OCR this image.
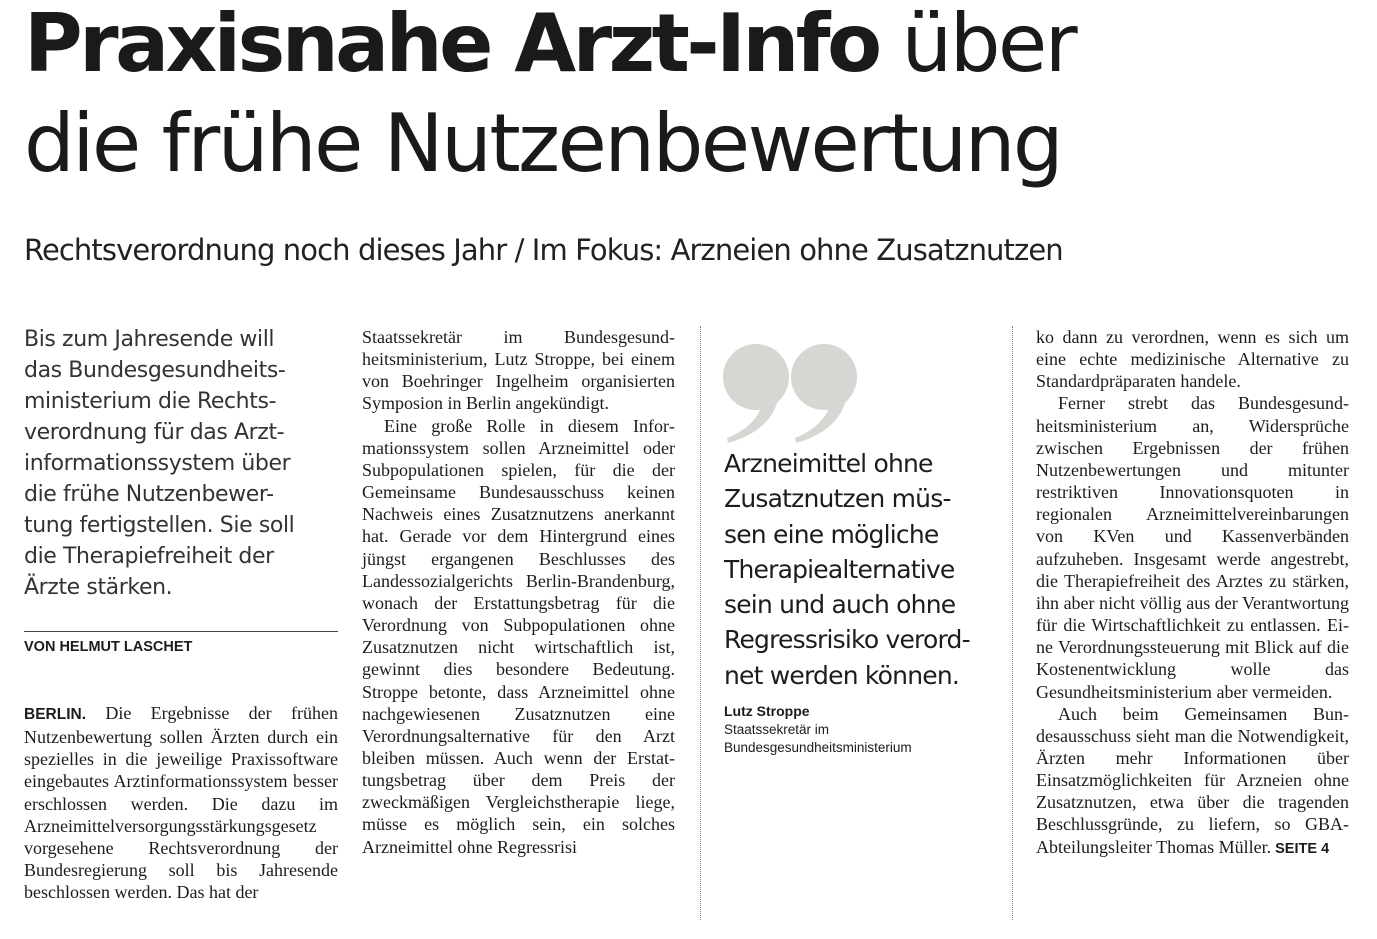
Praxisnahe Arzt-Info über
die frühe Nutzenbewertung
Rechtsverordnung noch dieses Jahr / Im Fokus: Arzneien ohne Zusatznutzen
Bis zum Jahresende will
das Bundesgesundheits-
ministerium die Rechts-
verordnung für das Arzt-
informationssystem über
die frühe Nutzenbewer-
tung fertigstellen. Sie soll
die Therapiefreiheit der
Ärzte stärken.
VON HELMUT LASCHET

BERLIN. Die Ergebnisse der frühen Nutzenbewertung sollen Ärzten durch ein spezielles in die jeweilige Praxissoftware eingebautes Arztinformationssystem besser erschlossen werden. Die dazu im Arzneimittelversorgungsstärkungsgesetz vorgesehene Rechtsverordnung der Bundesregierung soll bis Jahresende beschlossen werden. Das hat der

Staatssekretär im Bundesgesundheitsministerium, Lutz Stroppe, bei einem von Boehringer Ingelheim organisierten Symposion in Berlin angekündigt.

Eine große Rolle in diesem Informationssystem sollen Arzneimittel oder Subpopulationen spielen, für die der Gemeinsame Bundesausschuss keinen Nachweis eines Zusatznutzens anerkannt hat. Gerade vor dem Hintergrund eines jüngst ergangenen Beschlusses des Landessozialgerichts Berlin-Brandenburg, wonach der Erstattungsbetrag für die Verordnung von Subpopulationen ohne Zusatznutzen nicht wirtschaftlich ist, gewinnt dies besondere Bedeutung. Stroppe betonte, dass Arzneimittel ohne nachgewiesenen Zusatznutzen eine Verordnungsalternative für den Arzt bleiben müssen. Auch wenn der Erstattungsbetrag über dem Preis der zweckmäßigen Vergleichstherapie liege, müsse es möglich sein, ein solches Arzneimittel ohne Regressrisi

Arzneimittel ohne
Zusatznutzen müs-
sen eine mögliche
Therapiealternative
sein und auch ohne
Regressrisiko verord-
net werden können.
Lutz Stroppe
Staatssekretär im
Bundesgesundheitsministerium

ko dann zu verordnen, wenn es sich um eine echte medizinische Alternative zu Standardpräparaten handele.

Ferner strebt das Bundesgesundheitsministerium an, Widersprüche zwischen Ergebnissen der frühen Nutzenbewertungen und mitunter restriktiven Innovationsquoten in regionalen Arzneimittelvereinbarungen von KVen und Kassenverbänden aufzuheben. Insgesamt werde angestrebt, die Therapiefreiheit des Arztes zu stärken, ihn aber nicht völlig aus der Verantwortung für die Wirtschaftlichkeit zu entlassen. Eine Verordnungssteuerung mit Blick auf die Kostenentwicklung wolle das Gesundheitsministerium aber vermeiden.

Auch beim Gemeinsamen Bundesausschuss sieht man die Notwendigkeit, Ärzten mehr Informationen über Einsatzmöglichkeiten für Arzneien ohne Zusatznutzen, etwa über die tragenden Beschlussgründe, zu liefern, so GBA-Abteilungsleiter Thomas Müller. SEITE 4
